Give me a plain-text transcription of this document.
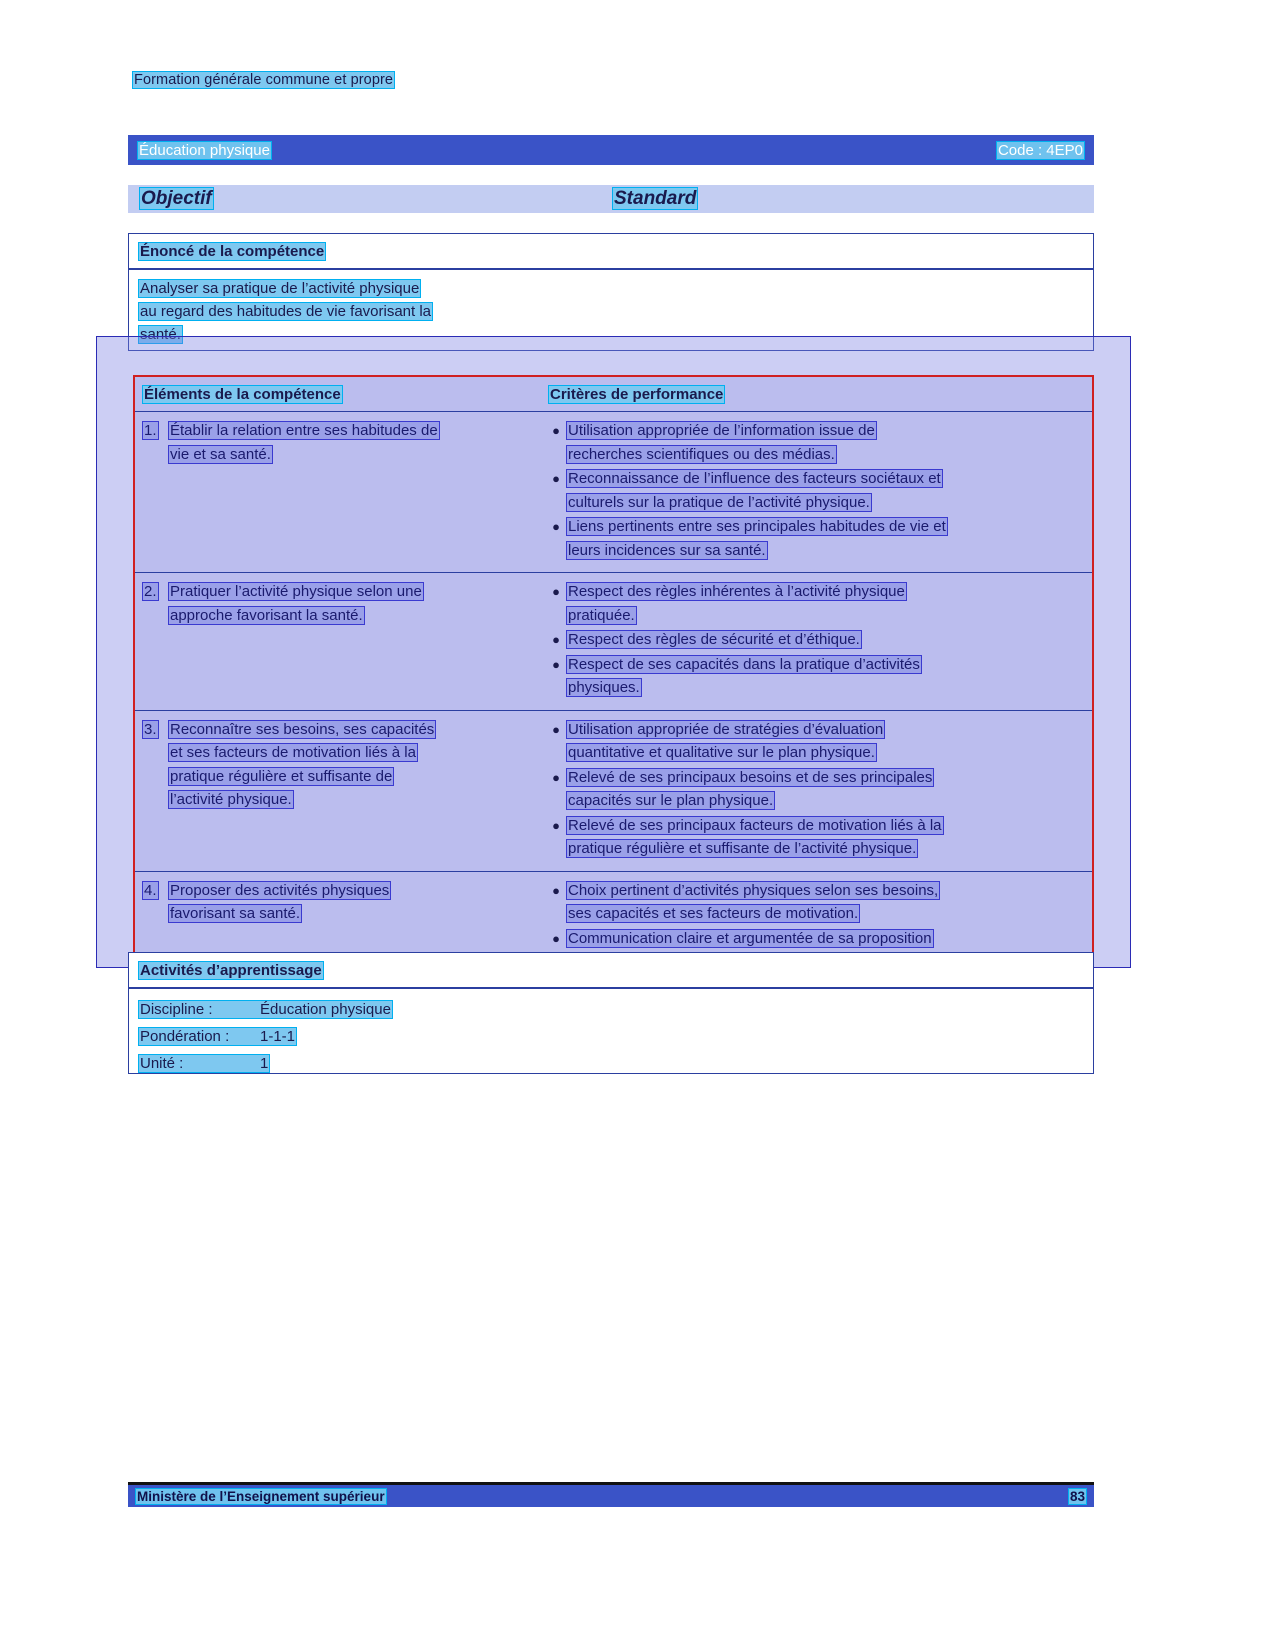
Formation générale commune et propre
Éducation physique	Code : 4EP0
Objectif	Standard
Énoncé de la compétence
Analyser sa pratique de l’activité physique
au regard des habitudes de vie favorisant la
santé.
Éléments de la compétence	Critères de performance
1. Établir la relation entre ses habitudes de
vie et sa santé.
● Utilisation appropriée de l’information issue de
recherches scientifiques ou des médias.
● Reconnaissance de l’influence des facteurs sociétaux et
culturels sur la pratique de l’activité physique.
● Liens pertinents entre ses principales habitudes de vie et
leurs incidences sur sa santé.
2. Pratiquer l’activité physique selon une
approche favorisant la santé.
● Respect des règles inhérentes à l’activité physique
pratiquée.
● Respect des règles de sécurité et d’éthique.
● Respect de ses capacités dans la pratique d’activités
physiques.
3. Reconnaître ses besoins, ses capacités
et ses facteurs de motivation liés à la
pratique régulière et suffisante de
l’activité physique.
● Utilisation appropriée de stratégies d’évaluation
quantitative et qualitative sur le plan physique.
● Relevé de ses principaux besoins et de ses principales
capacités sur le plan physique.
● Relevé de ses principaux facteurs de motivation liés à la
pratique régulière et suffisante de l’activité physique.
4. Proposer des activités physiques
favorisant sa santé.
● Choix pertinent d’activités physiques selon ses besoins,
ses capacités et ses facteurs de motivation.
● Communication claire et argumentée de sa proposition
Activités d’apprentissage
Discipline :	Éducation physique
Pondération : 1-1-1
Unité :	1
Ministère de l’Enseignement supérieur	83
